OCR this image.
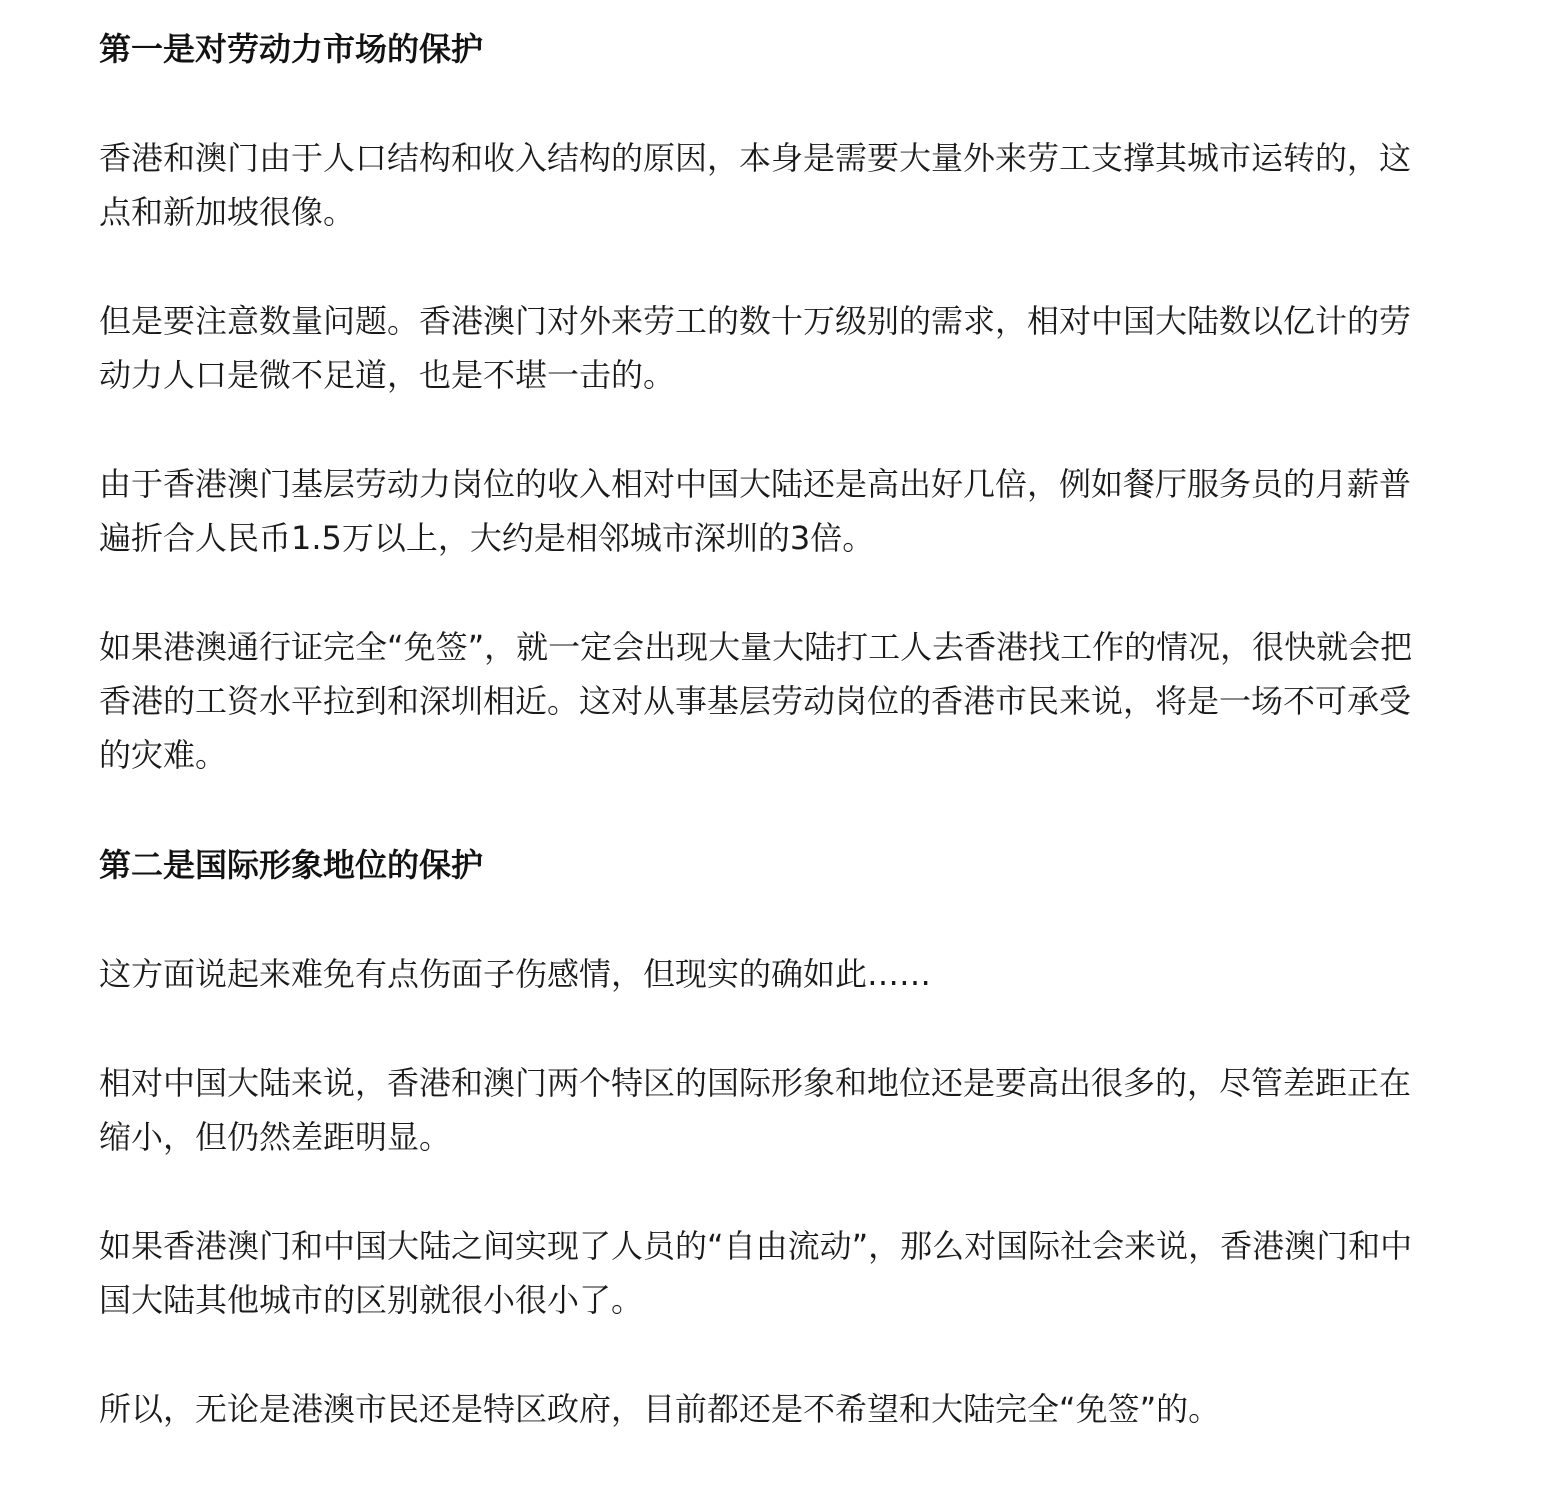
第一是对劳动力市场的保护

香港和澳门由于人口结构和收入结构的原因，本身是需要大量外来劳工支撑其城市运转的，这点和新加坡很像。

但是要注意数量问题。香港澳门对外来劳工的数十万级别的需求，相对中国大陆数以亿计的劳动力人口是微不足道，也是不堪一击的。

由于香港澳门基层劳动力岗位的收入相对中国大陆还是高出好几倍，例如餐厅服务员的月薪普遍折合人民币1.5万以上，大约是相邻城市深圳的3倍。

如果港澳通行证完全“免签”，就一定会出现大量大陆打工人去香港找工作的情况，很快就会把香港的工资水平拉到和深圳相近。这对从事基层劳动岗位的香港市民来说，将是一场不可承受的灾难。

第二是国际形象地位的保护

这方面说起来难免有点伤面子伤感情，但现实的确如此……

相对中国大陆来说，香港和澳门两个特区的国际形象和地位还是要高出很多的，尽管差距正在缩小，但仍然差距明显。

如果香港澳门和中国大陆之间实现了人员的“自由流动”，那么对国际社会来说，香港澳门和中国大陆其他城市的区别就很小很小了。

所以，无论是港澳市民还是特区政府，目前都还是不希望和大陆完全“免签”的。
